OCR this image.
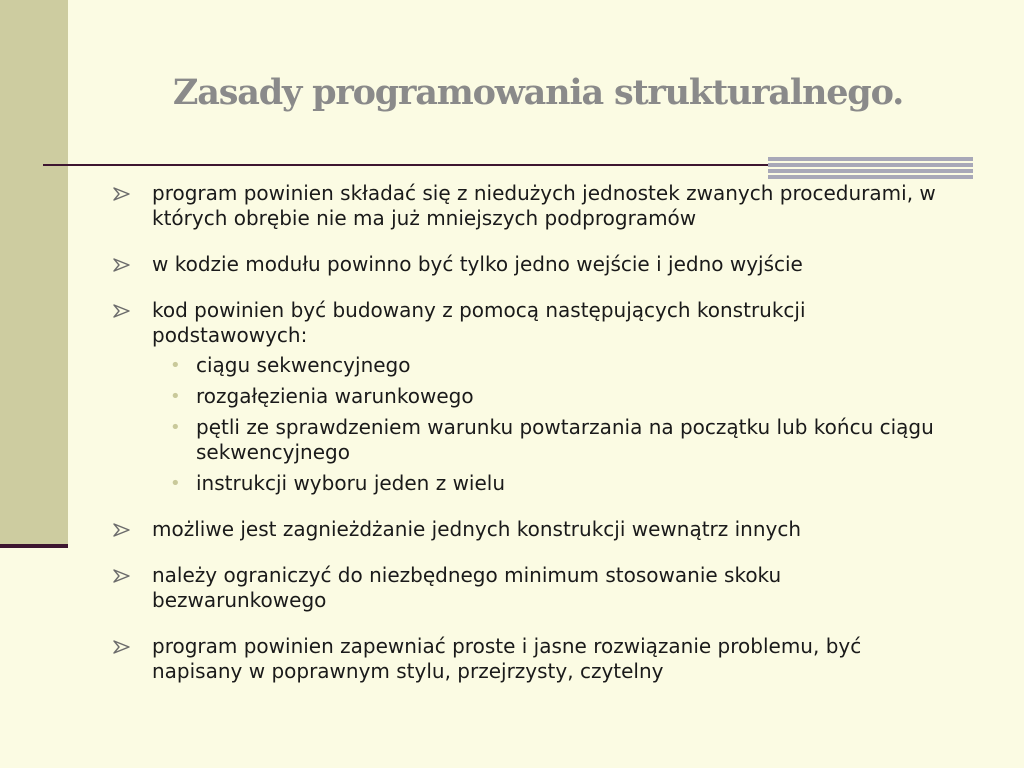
Zasady programowania strukturalnego.
program powinien składać się z niedużych jednostek zwanych procedurami, w których obrębie nie ma już mniejszych podprogramów
w kodzie modułu powinno być tylko jedno wejście i jedno wyjście
kod powinien być budowany z pomocą następujących konstrukcji podstawowych:
• ciągu sekwencyjnego
• rozgałęzienia warunkowego
• pętli ze sprawdzeniem warunku powtarzania na początku lub końcu ciągu sekwencyjnego
• instrukcji wyboru jeden z wielu
możliwe jest zagnieżdżanie jednych konstrukcji wewnątrz innych
należy ograniczyć do niezbędnego minimum stosowanie skoku bezwarunkowego
program powinien zapewniać proste i jasne rozwiązanie problemu, być napisany w poprawnym stylu, przejrzysty, czytelny
